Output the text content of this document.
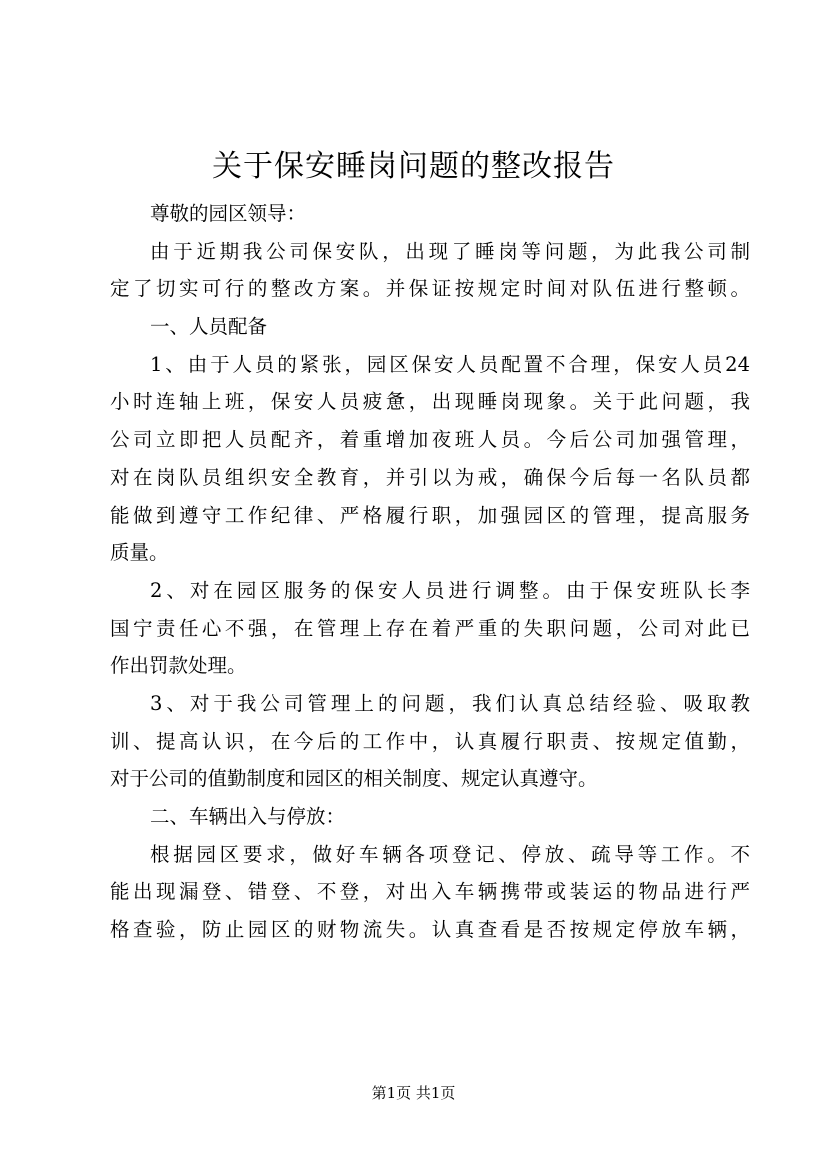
关于保安睡岗问题的整改报告
尊敬的园区领导：
由于近期我公司保安队，出现了睡岗等问题，为此我公司制
定了切实可行的整改方案。并保证按规定时间对队伍进行整顿。
一、人员配备
1、由于人员的紧张，园区保安人员配置不合理，保安人员24
小时连轴上班，保安人员疲惫，出现睡岗现象。关于此问题，我
公司立即把人员配齐，着重增加夜班人员。今后公司加强管理，
对在岗队员组织安全教育，并引以为戒，确保今后每一名队员都
能做到遵守工作纪律、严格履行职，加强园区的管理，提高服务
质量。
2、对在园区服务的保安人员进行调整。由于保安班队长李
国宁责任心不强，在管理上存在着严重的失职问题，公司对此已
作出罚款处理。
3、对于我公司管理上的问题，我们认真总结经验、吸取教
训、提高认识，在今后的工作中，认真履行职责、按规定值勤，
对于公司的值勤制度和园区的相关制度、规定认真遵守。
二、车辆出入与停放：
根据园区要求，做好车辆各项登记、停放、疏导等工作。不
能出现漏登、错登、不登，对出入车辆携带或装运的物品进行严
格查验，防止园区的财物流失。认真查看是否按规定停放车辆，
第1页 共1页
